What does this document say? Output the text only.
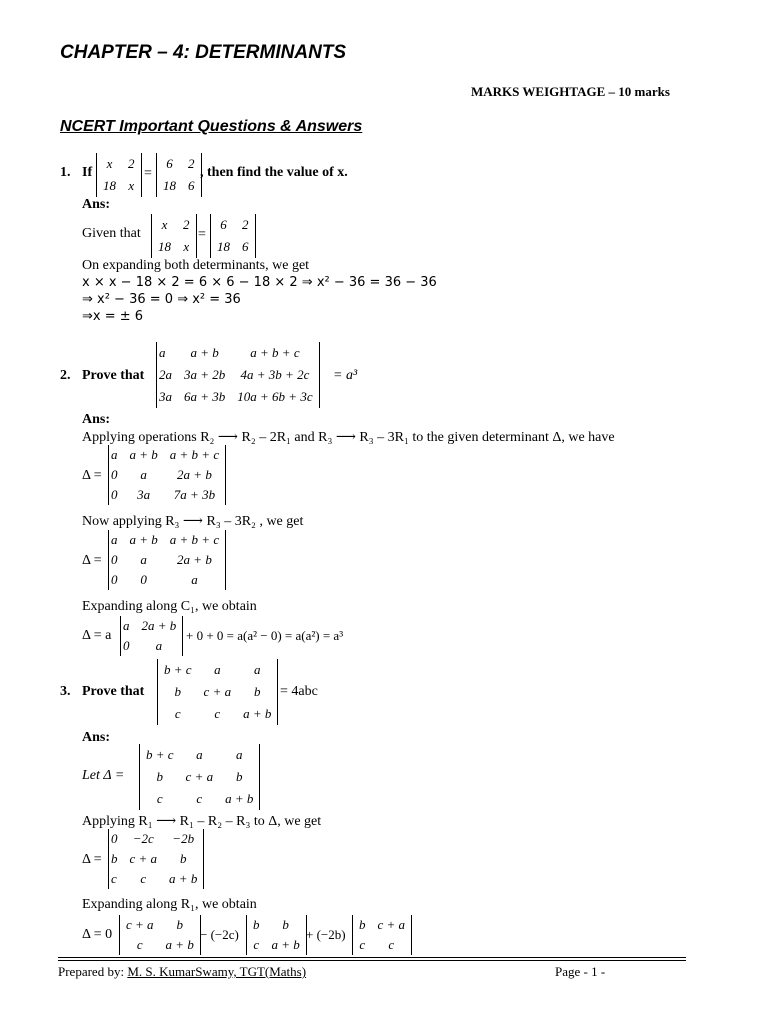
CHAPTER – 4: DETERMINANTS
MARKS WEIGHTAGE – 10 marks
NCERT Important Questions & Answers
1. If
x	2
18	x
=
6	2
18	6
, then find the value of x.
Ans:
Given that
x	2
18	x
=
6	2
18	6
On expanding both determinants, we get
x × x − 18 × 2 = 6 × 6 − 18 × 2 ⇒ x² − 36 = 36 − 36
⇒ x² − 36 = 0 ⇒ x² = 36
⇒x = ± 6
2. Prove that
a	a + b	a + b + c
2a	3a + 2b	4a + 3b + 2c
3a	6a + 3b	10a + 6b + 3c
= a³
Ans:
Applying operations R₂ ⟶ R₂ – 2R₁ and R₃ ⟶ R₃ – 3R₁ to the given determinant Δ, we have
Δ =
a	a + b	a + b + c
0	a	2a + b
0	3a	7a + 3b
Now applying R₃ ⟶ R₃ – 3R₂ , we get
Δ =
a	a + b	a + b + c
0	a	2a + b
0	0	a
Expanding along C₁, we obtain
Δ = a
a	2a + b
0	a
+ 0 + 0 = a(a² − 0) = a(a²) = a³
3. Prove that
b + c	a	a
b	c + a	b
c	c	a + b
= 4abc
Ans:
Let Δ =
b + c	a	a
b	c + a	b
c	c	a + b
Applying R₁ ⟶ R₁ – R₂ – R₃ to Δ, we get
Δ =
0	−2c	−2b
b	c + a	b
c	c	a + b
Expanding along R₁, we obtain
Δ = 0
c + a	b
c	a + b
− (−2c)
b	b
c	a + b
+ (−2b)
b	c + a
c	c
Prepared by: M. S. KumarSwamy, TGT(Maths)	Page - 1 -
